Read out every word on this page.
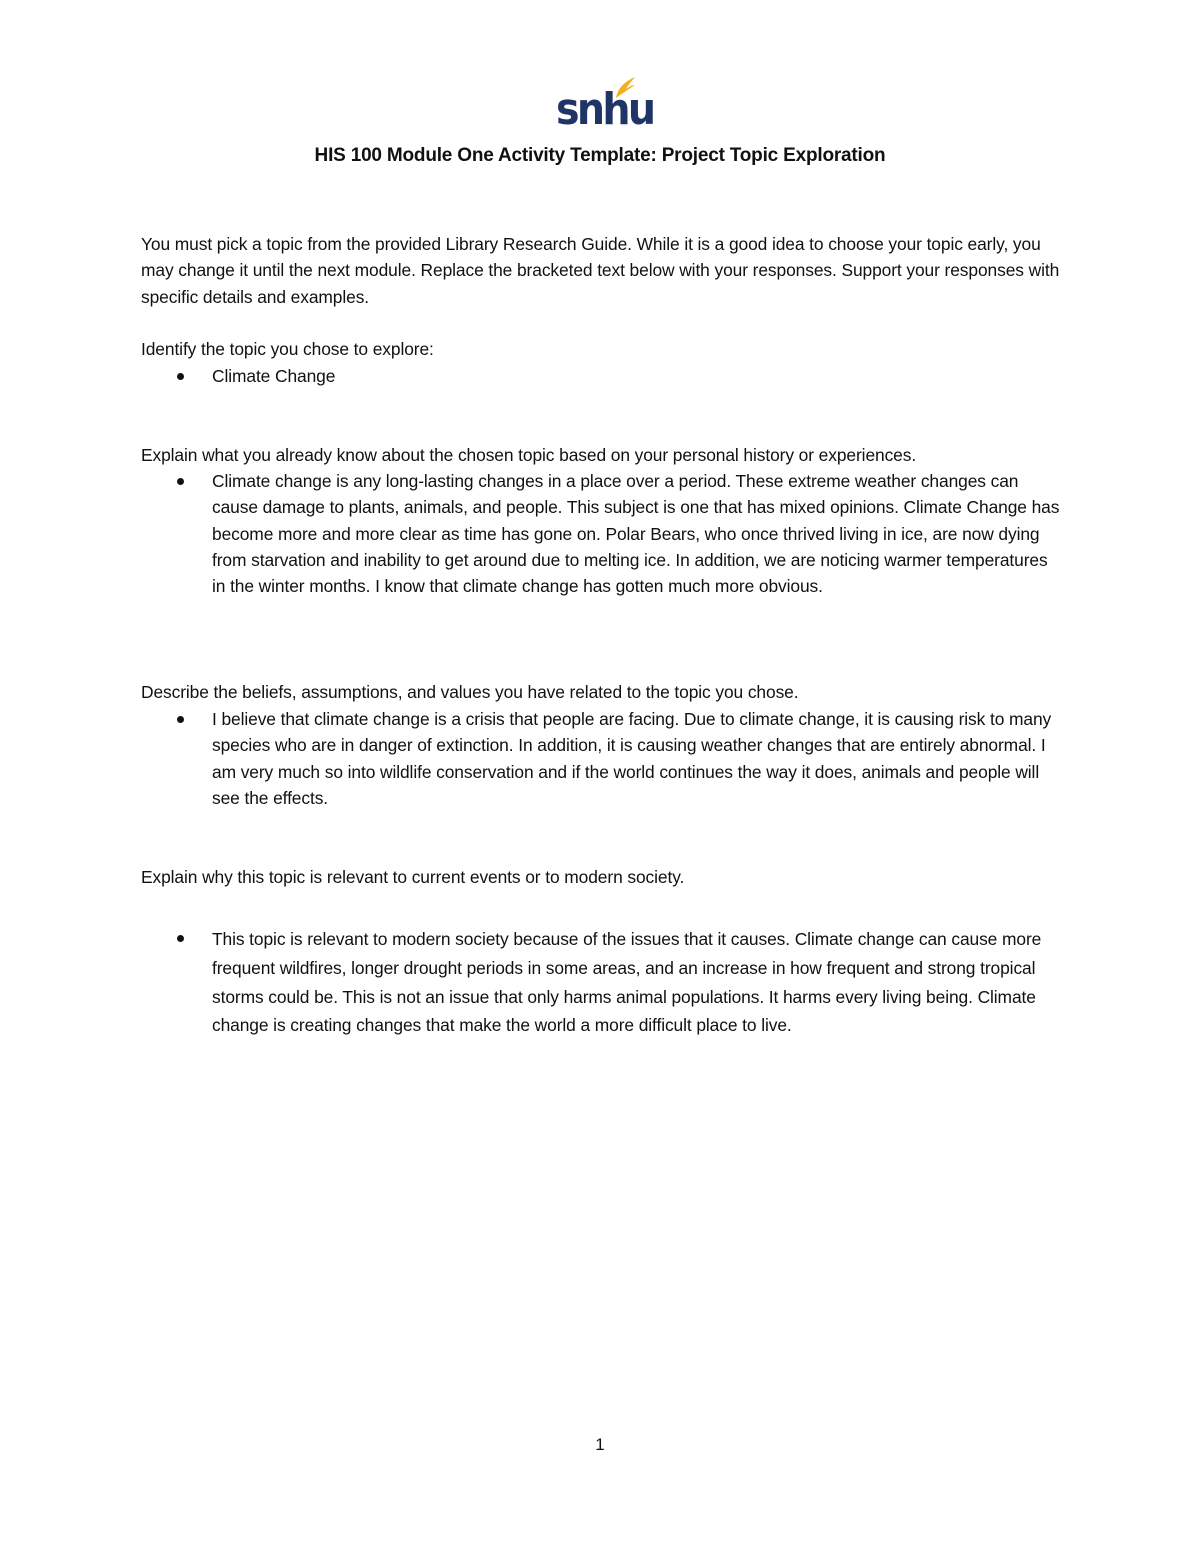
snhu
HIS 100 Module One Activity Template: Project Topic Exploration
You must pick a topic from the provided Library Research Guide. While it is a good idea to choose your topic early, you may change it until the next module. Replace the bracketed text below with your responses. Support your responses with specific details and examples.
Identify the topic you chose to explore:
Climate Change
Explain what you already know about the chosen topic based on your personal history or experiences.
Climate change is any long-lasting changes in a place over a period. These extreme weather changes can cause damage to plants, animals, and people. This subject is one that has mixed opinions. Climate Change has become more and more clear as time has gone on. Polar Bears, who once thrived living in ice, are now dying from starvation and inability to get around due to melting ice. In addition, we are noticing warmer temperatures in the winter months. I know that climate change has gotten much more obvious.
Describe the beliefs, assumptions, and values you have related to the topic you chose.
I believe that climate change is a crisis that people are facing. Due to climate change, it is causing risk to many species who are in danger of extinction. In addition, it is causing weather changes that are entirely abnormal. I am very much so into wildlife conservation and if the world continues the way it does, animals and people will see the effects.
Explain why this topic is relevant to current events or to modern society.
This topic is relevant to modern society because of the issues that it causes. Climate change can cause more frequent wildfires, longer drought periods in some areas, and an increase in how frequent and strong tropical storms could be. This is not an issue that only harms animal populations. It harms every living being. Climate change is creating changes that make the world a more difficult place to live.
1
